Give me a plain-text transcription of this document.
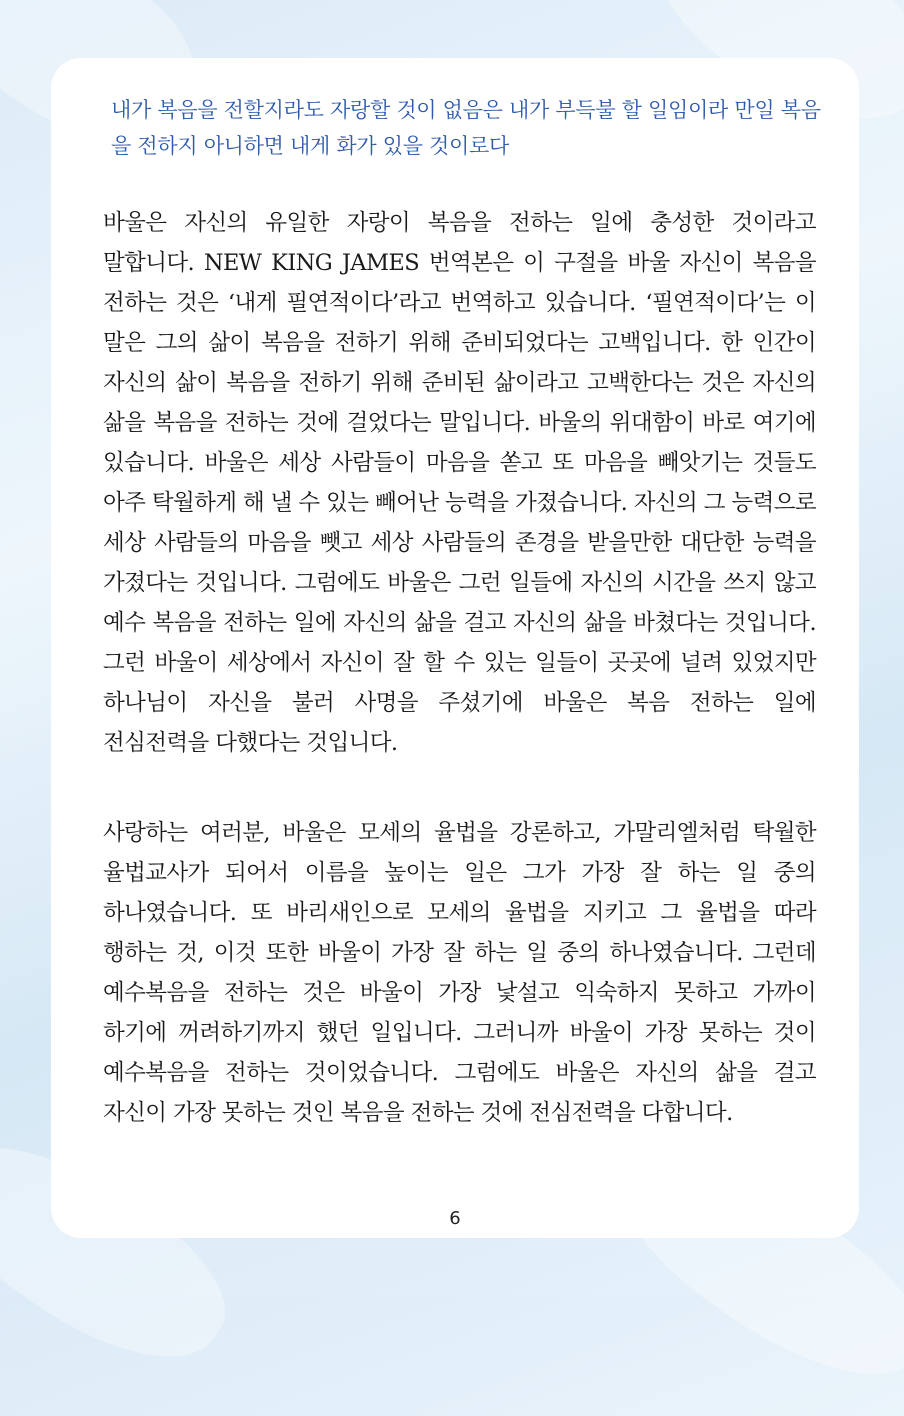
내가 복음을 전할지라도 자랑할 것이 없음은 내가 부득불 할 일임이라 만일 복음을 전하지 아니하면 내게 화가 있을 것이로다

바울은 자신의 유일한 자랑이 복음을 전하는 일에 충성한 것이라고 말합니다. NEW KING JAMES 번역본은 이 구절을 바울 자신이 복음을 전하는 것은 ‘내게 필연적이다’라고 번역하고 있습니다. ‘필연적이다’는 이 말은 그의 삶이 복음을 전하기 위해 준비되었다는 고백입니다. 한 인간이 자신의 삶이 복음을 전하기 위해 준비된 삶이라고 고백한다는 것은 자신의 삶을 복음을 전하는 것에 걸었다는 말입니다. 바울의 위대함이 바로 여기에 있습니다. 바울은 세상 사람들이 마음을 쏟고 또 마음을 빼앗기는 것들도 아주 탁월하게 해 낼 수 있는 빼어난 능력을 가졌습니다. 자신의 그 능력으로 세상 사람들의 마음을 뺏고 세상 사람들의 존경을 받을만한 대단한 능력을 가졌다는 것입니다. 그럼에도 바울은 그런 일들에 자신의 시간을 쓰지 않고 예수 복음을 전하는 일에 자신의 삶을 걸고 자신의 삶을 바쳤다는 것입니다. 그런 바울이 세상에서 자신이 잘 할 수 있는 일들이 곳곳에 널려 있었지만 하나님이 자신을 불러 사명을 주셨기에 바울은 복음 전하는 일에 전심전력을 다했다는 것입니다.

사랑하는 여러분, 바울은 모세의 율법을 강론하고, 가말리엘처럼 탁월한 율법교사가 되어서 이름을 높이는 일은 그가 가장 잘 하는 일 중의 하나였습니다. 또 바리새인으로 모세의 율법을 지키고 그 율법을 따라 행하는 것, 이것 또한 바울이 가장 잘 하는 일 중의 하나였습니다. 그런데 예수복음을 전하는 것은 바울이 가장 낯설고 익숙하지 못하고 가까이 하기에 꺼려하기까지 했던 일입니다. 그러니까 바울이 가장 못하는 것이 예수복음을 전하는 것이었습니다. 그럼에도 바울은 자신의 삶을 걸고 자신이 가장 못하는 것인 복음을 전하는 것에 전심전력을 다합니다.

6
